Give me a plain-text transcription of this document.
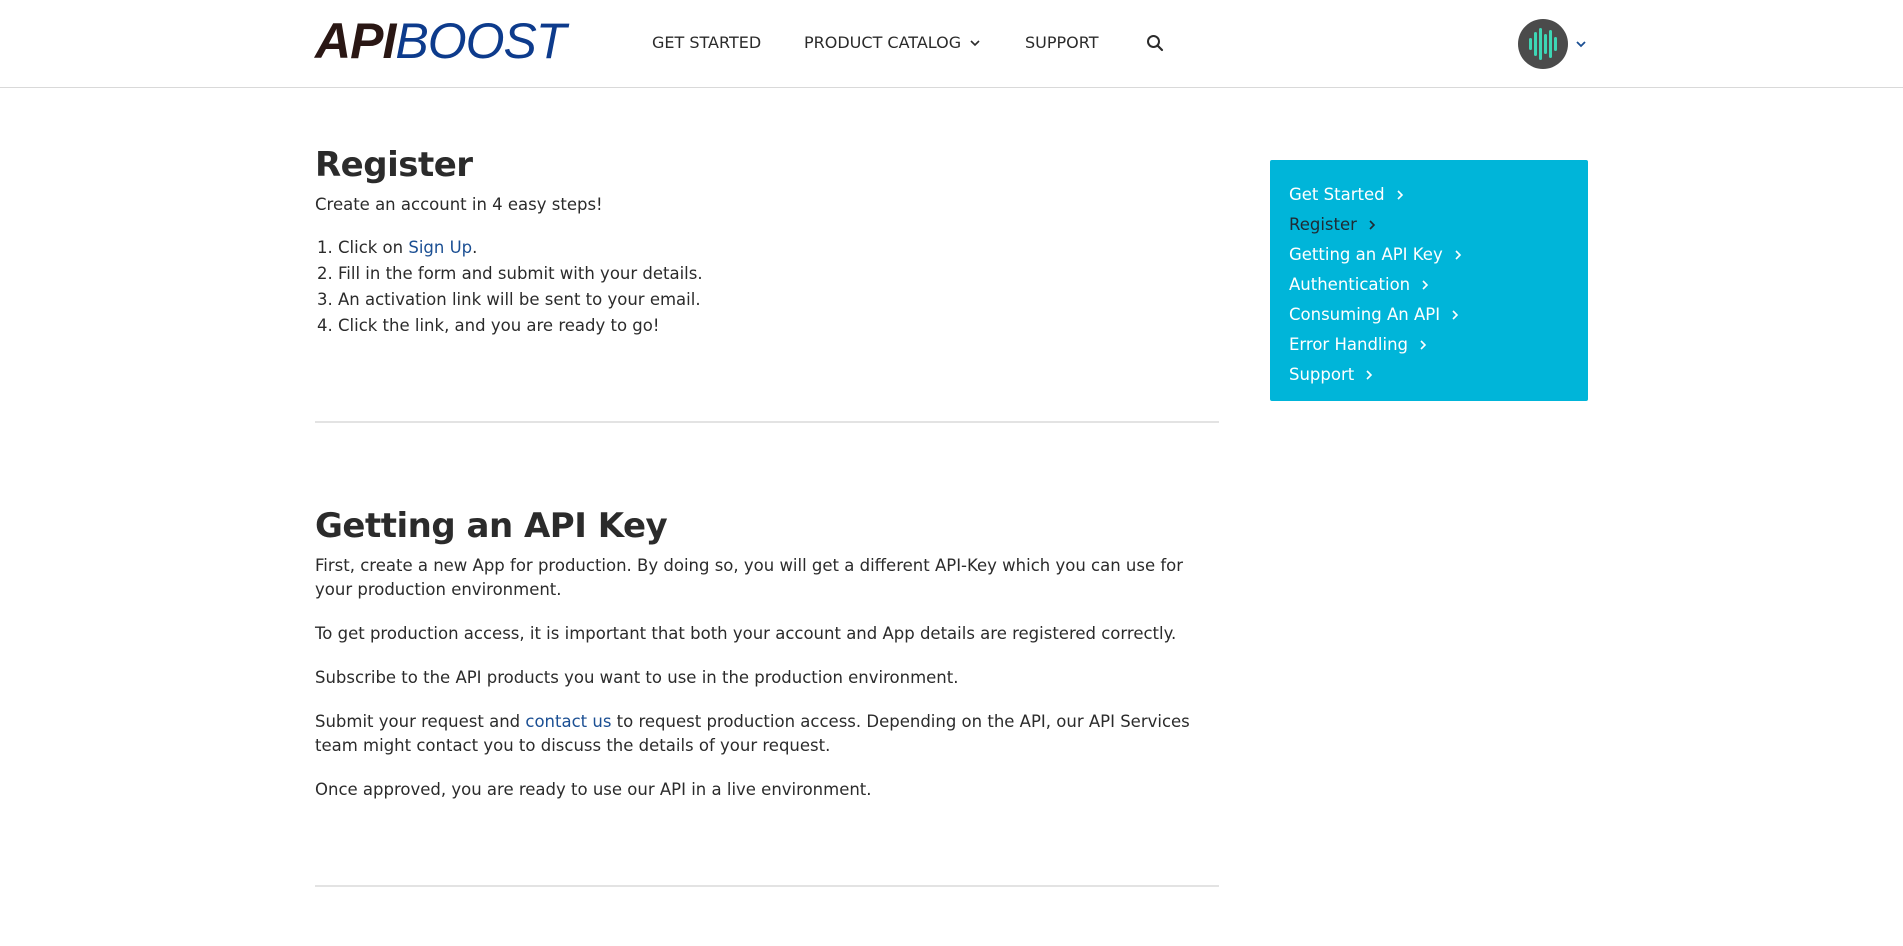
API BOOST	GET STARTED	PRODUCT CATALOG	SUPPORT
Register

Create an account in 4 easy steps!

1. Click on Sign Up.
2. Fill in the form and submit with your details.
3. An activation link will be sent to your email.
4. Click the link, and you are ready to go!
Getting an API Key

First, create a new App for production. By doing so, you will get a different API-Key which you can use for your production environment.

To get production access, it is important that both your account and App details are registered correctly.

Subscribe to the API products you want to use in the production environment.

Submit your request and contact us to request production access. Depending on the API, our API Services team might contact you to discuss the details of your request.

Once approved, you are ready to use our API in a live environment.

Get Started
Register
Getting an API Key
Authentication
Consuming An API
Error Handling
Support
